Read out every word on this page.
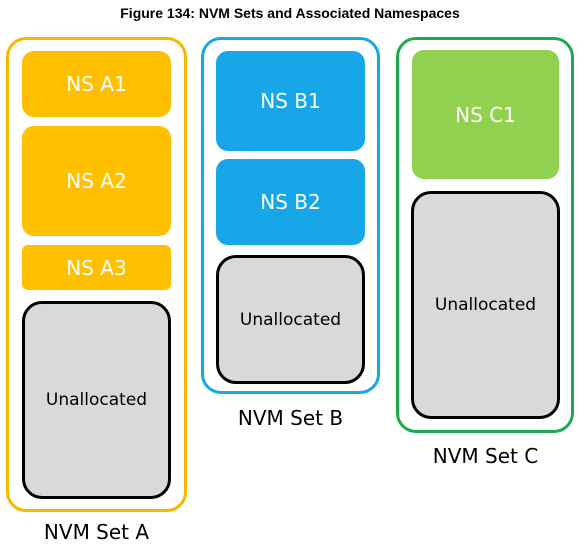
Figure 134: NVM Sets and Associated Namespaces
NS A1
NS A2
NS A3
Unallocated
NVM Set A
NS B1
NS B2
Unallocated
NVM Set B
NS C1
Unallocated
NVM Set C
